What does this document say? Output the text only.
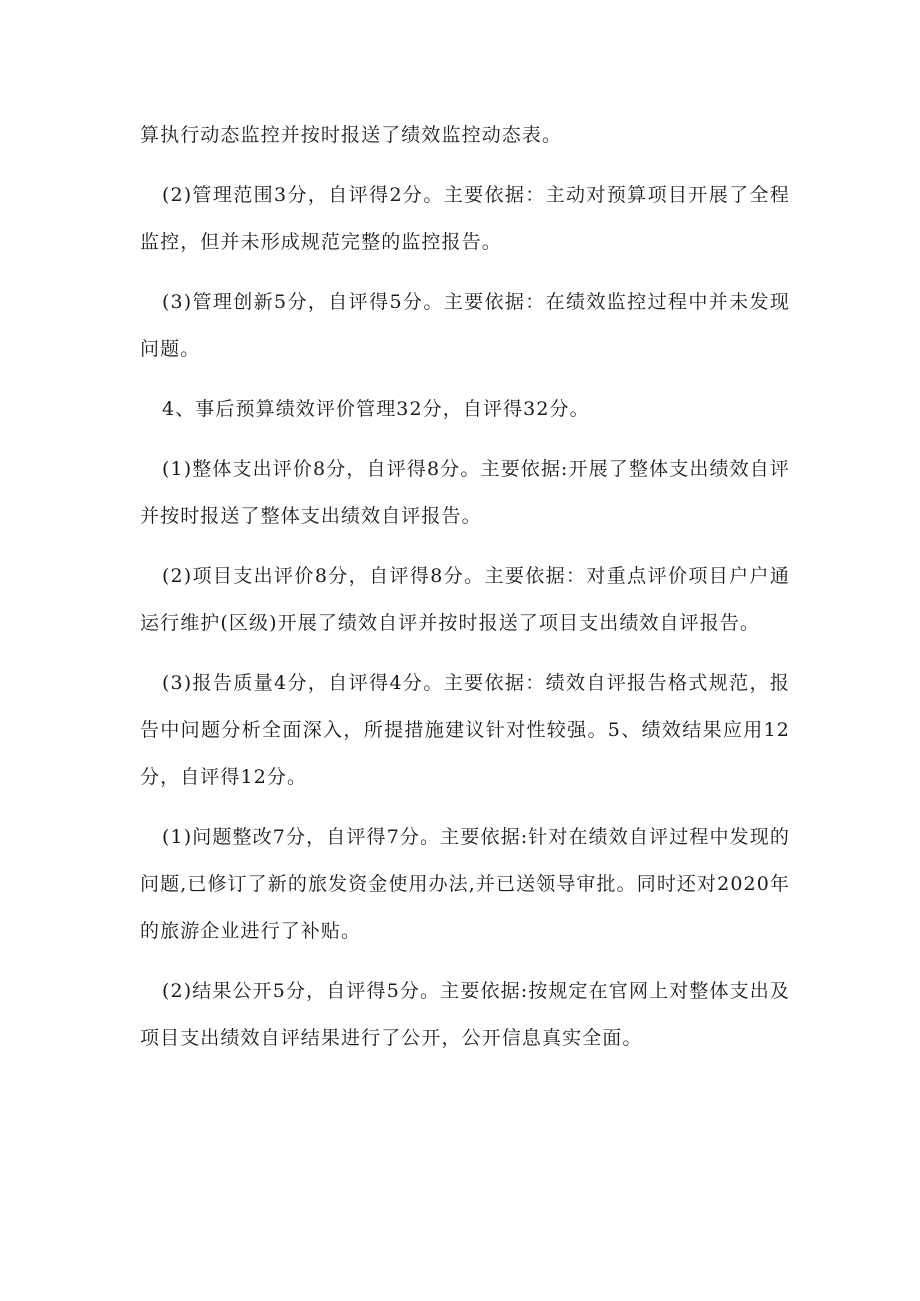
算执行动态监控并按时报送了绩效监控动态表。

(2)管理范围3分，自评得2分。主要依据：主动对预算项目开展了全程监控，但并未形成规范完整的监控报告。

(3)管理创新5分，自评得5分。主要依据：在绩效监控过程中并未发现问题。

4、事后预算绩效评价管理32分，自评得32分。

(1)整体支出评价8分，自评得8分。主要依据:开展了整体支出绩效自评并按时报送了整体支出绩效自评报告。

(2)项目支出评价8分，自评得8分。主要依据：对重点评价项目户户通运行维护(区级)开展了绩效自评并按时报送了项目支出绩效自评报告。

(3)报告质量4分，自评得4分。主要依据：绩效自评报告格式规范，报告中问题分析全面深入，所提措施建议针对性较强。5、绩效结果应用12分，自评得12分。

(1)问题整改7分，自评得7分。主要依据:针对在绩效自评过程中发现的问题,已修订了新的旅发资金使用办法,并已送领导审批。同时还对2020年的旅游企业进行了补贴。

(2)结果公开5分，自评得5分。主要依据:按规定在官网上对整体支出及项目支出绩效自评结果进行了公开，公开信息真实全面。
